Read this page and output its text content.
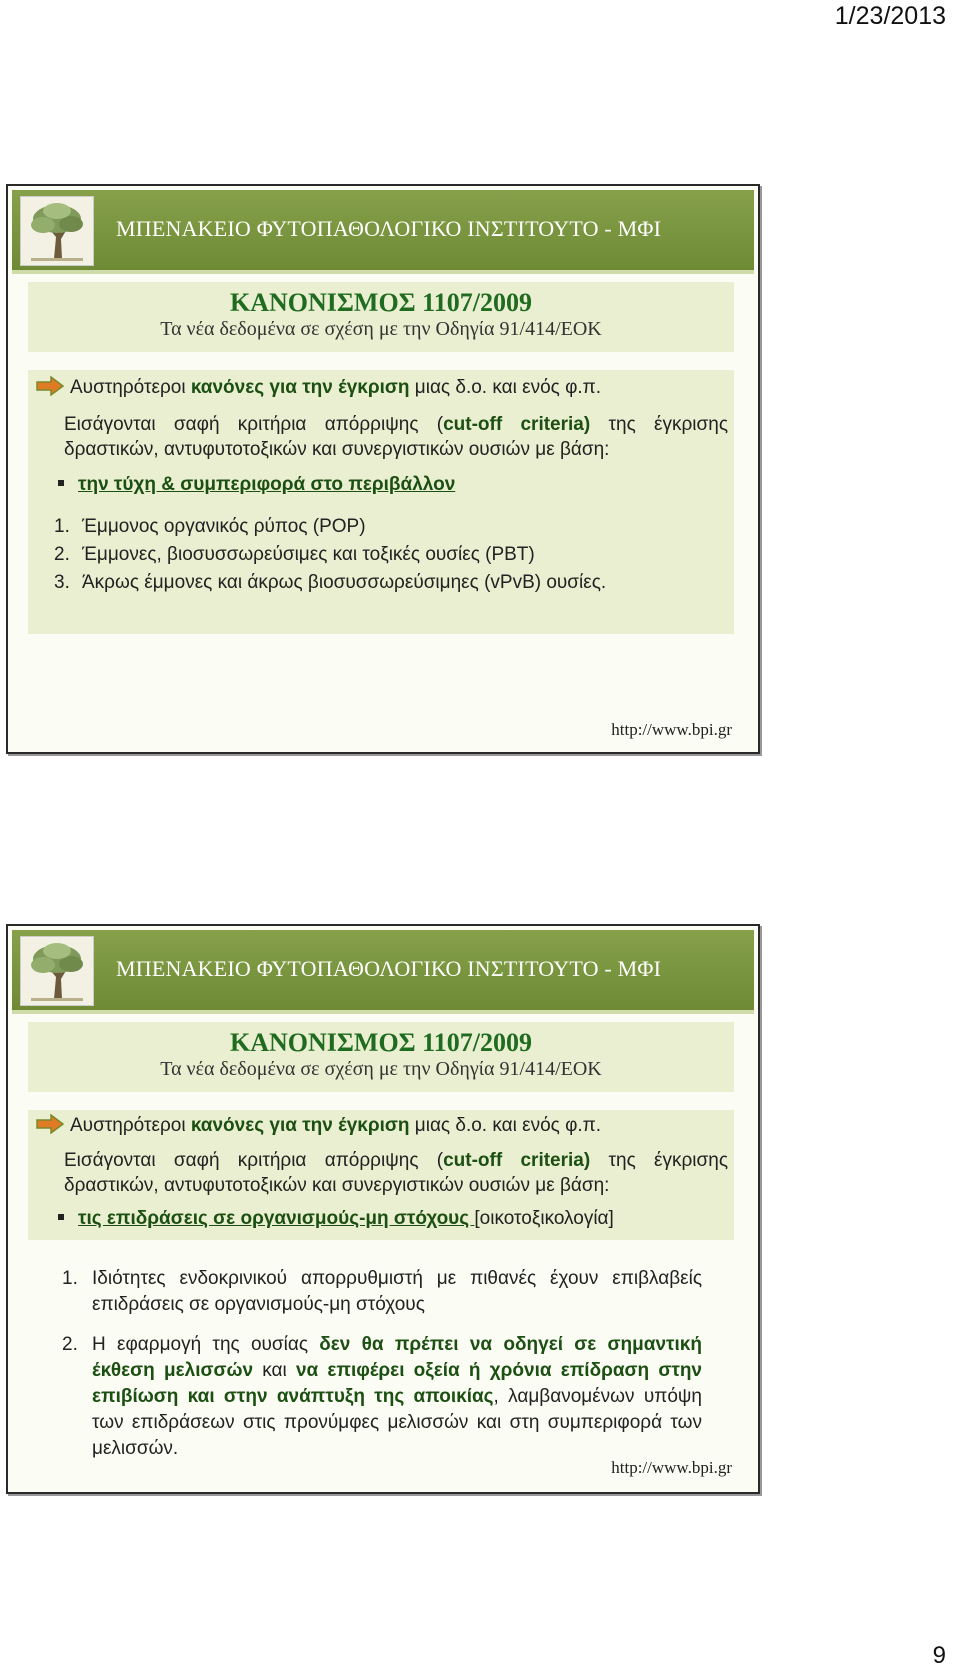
1/23/2013
ΜΠΕΝΑΚΕΙΟ ΦΥΤΟΠΑΘΟΛΟΓΙΚΟ ΙΝΣΤΙΤΟΥΤΟ - ΜΦΙ
ΚΑΝΟΝΙΣΜΟΣ 1107/2009
Τα νέα δεδομένα σε σχέση με την Οδηγία 91/414/ΕΟΚ
Αυστηρότεροι κανόνες για την έγκριση μιας δ.ο. και ενός φ.π.
Εισάγονται σαφή κριτήρια απόρριψης (cut-off criteria) της έγκρισης δραστικών, αντυφυτοτοξικών και συνεργιστικών ουσιών με βάση:
την τύχη & συμπεριφορά στο περιβάλλον
1. Έμμονος οργανικός ρύπος (POP)
2. Έμμονες, βιοσυσσωρεύσιμες και τοξικές ουσίες (PBT)
3. Άκρως έμμονες και άκρως βιοσυσσωρεύσιμηες (vPvB) ουσίες.
http://www.bpi.gr
ΜΠΕΝΑΚΕΙΟ ΦΥΤΟΠΑΘΟΛΟΓΙΚΟ ΙΝΣΤΙΤΟΥΤΟ - ΜΦΙ
ΚΑΝΟΝΙΣΜΟΣ 1107/2009
Τα νέα δεδομένα σε σχέση με την Οδηγία 91/414/ΕΟΚ
Αυστηρότεροι κανόνες για την έγκριση μιας δ.ο. και ενός φ.π.
Εισάγονται σαφή κριτήρια απόρριψης (cut-off criteria) της έγκρισης δραστικών, αντυφυτοτοξικών και συνεργιστικών ουσιών με βάση:
τις επιδράσεις σε οργανισμούς-μη στόχους [οικοτοξικολογία]
1. Ιδιότητες ενδοκρινικού απορρυθμιστή με πιθανές έχουν επιβλαβείς επιδράσεις σε οργανισμούς-μη στόχους
2. Η εφαρμογή της ουσίας δεν θα πρέπει να οδηγεί σε σημαντική έκθεση μελισσών και να επιφέρει οξεία ή χρόνια επίδραση στην επιβίωση και στην ανάπτυξη της αποικίας, λαμβανομένων υπόψη των επιδράσεων στις προνύμφες μελισσών και στη συμπεριφορά των μελισσών.
http://www.bpi.gr
9
